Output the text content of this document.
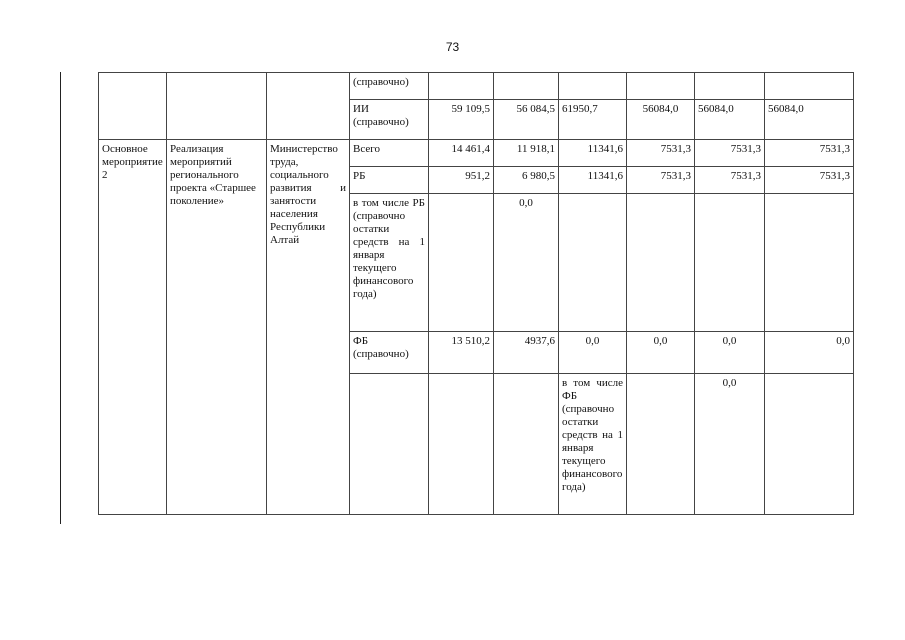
73
			(справочно)							
			ИИ (справочно)	59 109,5	56 084,5	61950,7	56084,0	56084,0	56084,0	
Основное мероприятие 2	Реализация мероприятий регионального проекта «Старшее поколение»	Министерство труда, социального развития и занятости населения Республики Алтай	Всего	14 461,4	11 918,1	11341,6	7531,3	7531,3	7531,3	
			РБ	951,2	6 980,5	11341,6	7531,3	7531,3	7531,3	
			в том числе РБ (справочно остатки средств на 1 января текущего финансового года)		0,0					
			ФБ (справочно)	13 510,2	4937,6	0,0	0,0	0,0	0,0	
						в том числе ФБ (справочно остатки средств на 1 января текущего финансового года)		0,0				
